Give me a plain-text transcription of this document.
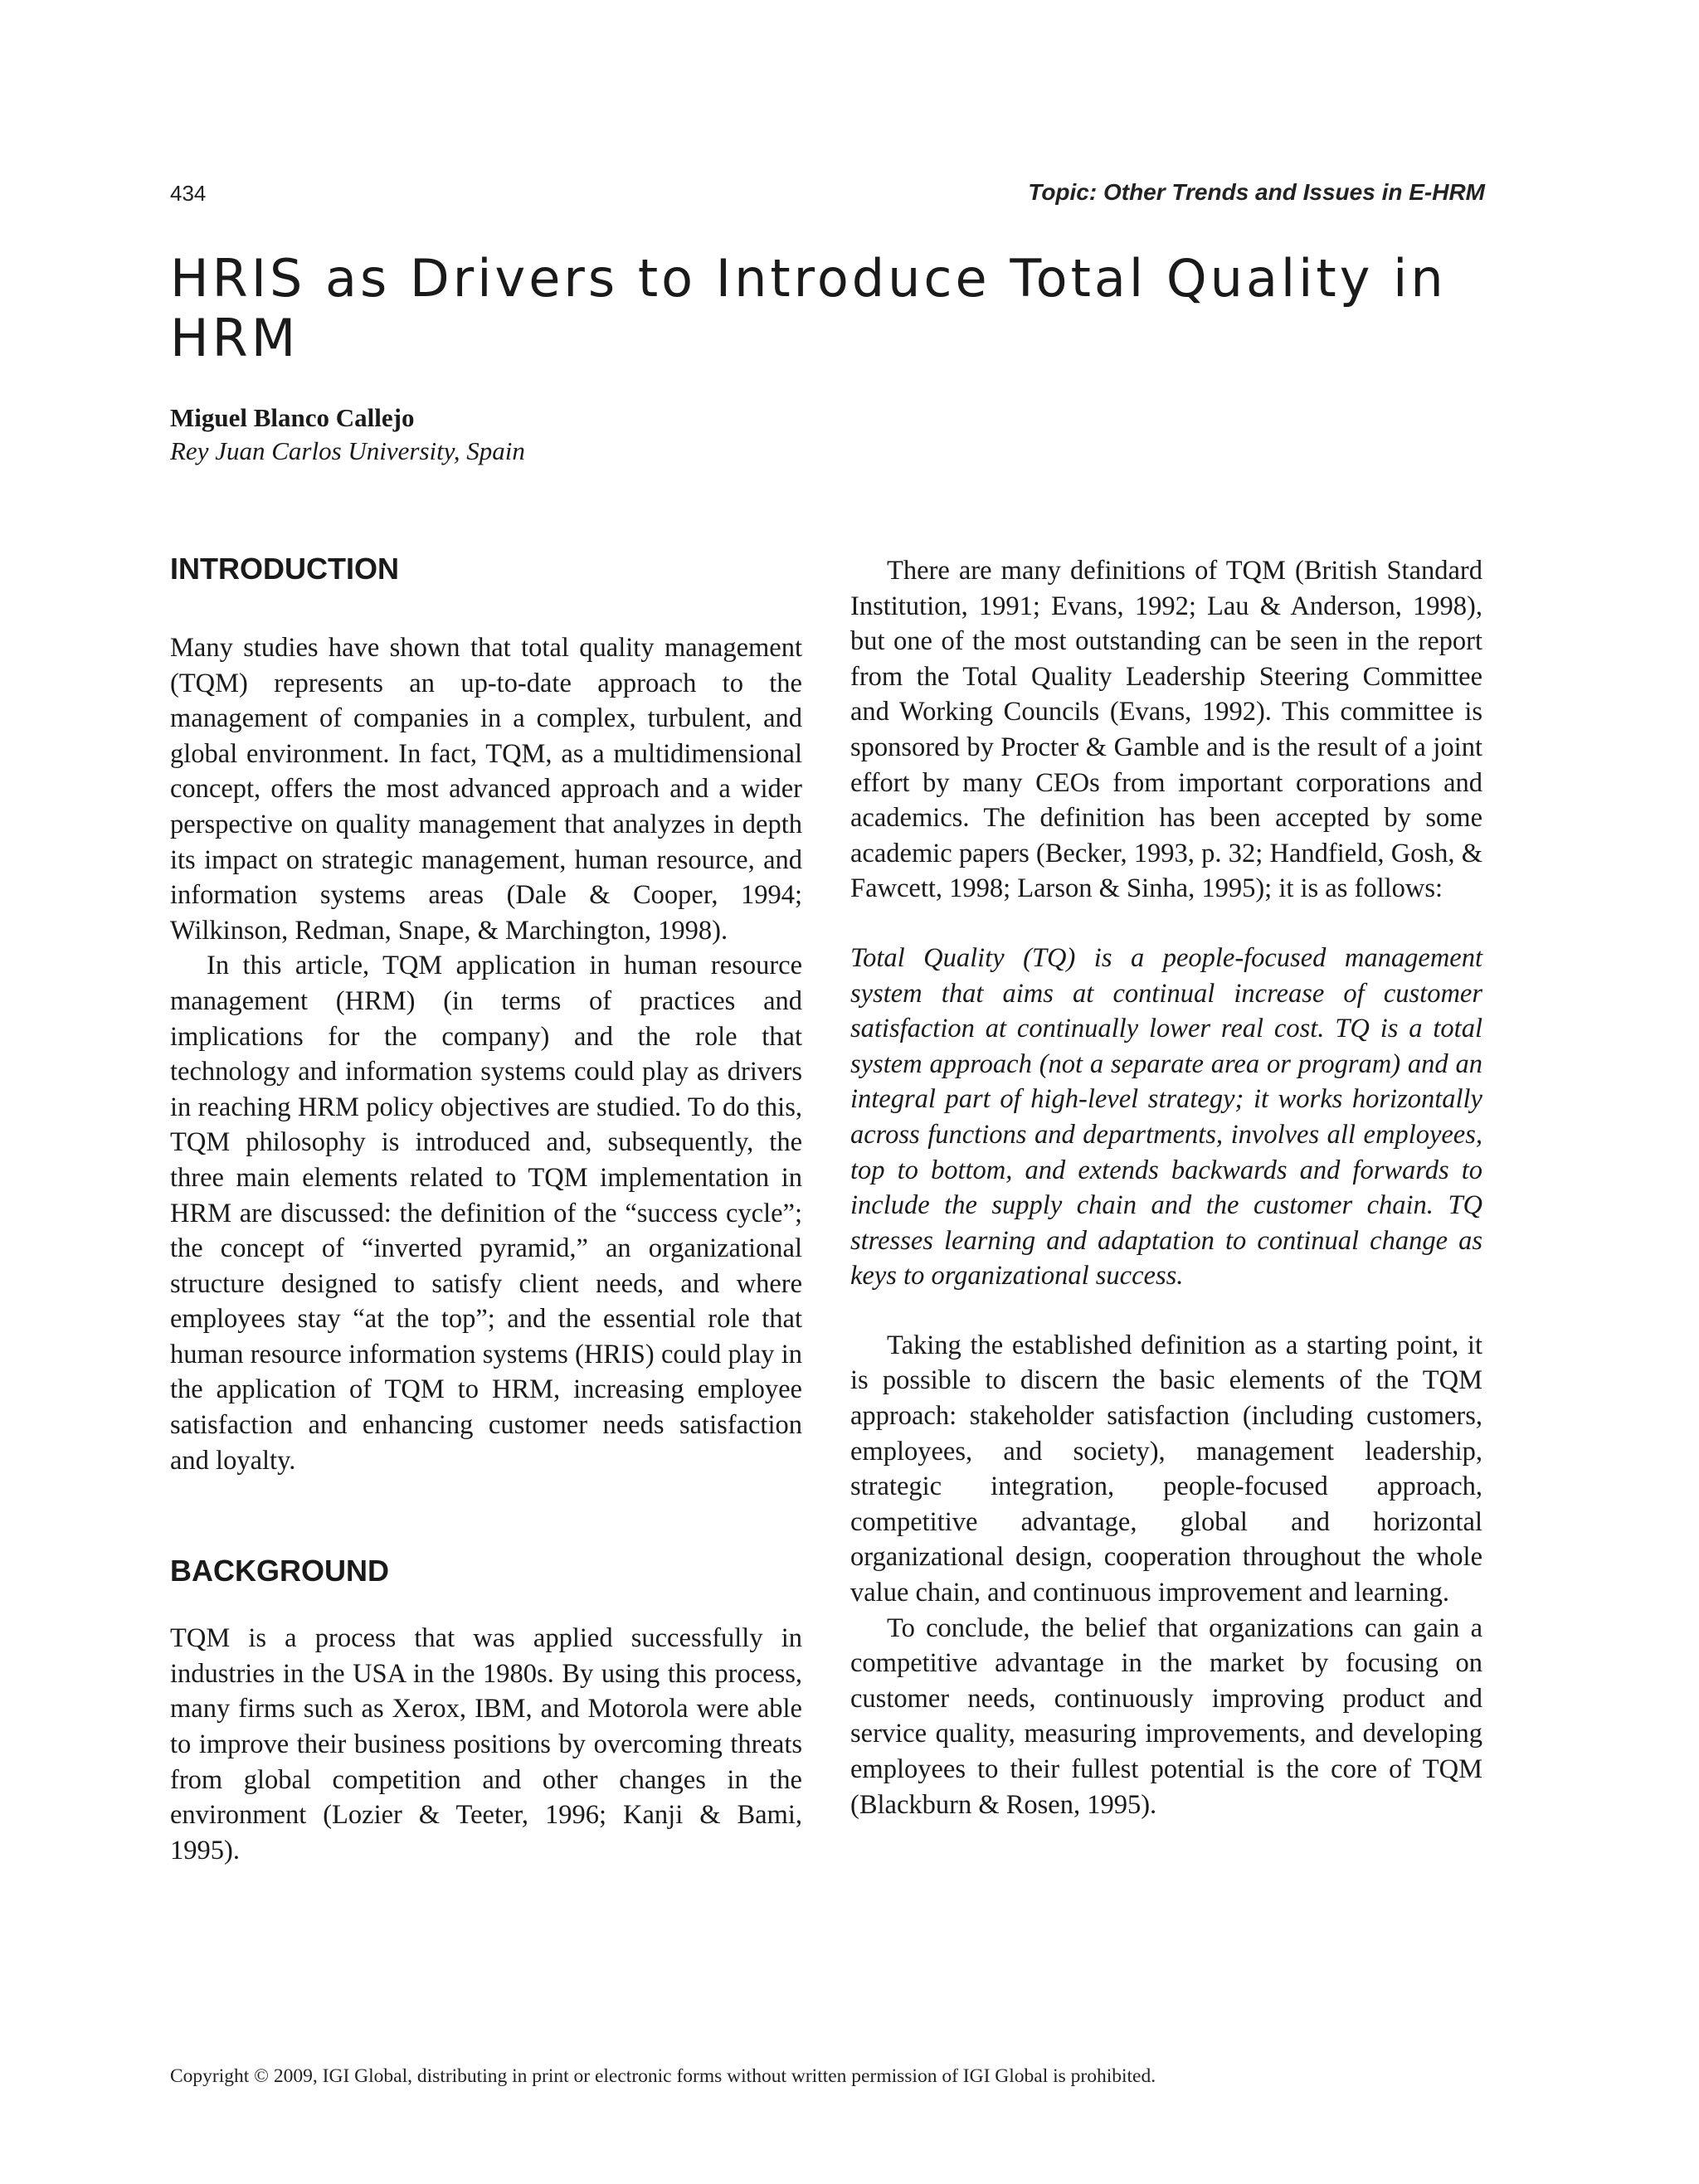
434	Topic: Other Trends and Issues in E-HRM
HRIS as Drivers to Introduce Total Quality in HRM
Miguel Blanco Callejo
Rey Juan Carlos University, Spain
INTRODUCTION

Many studies have shown that total quality management (TQM) represents an up-to-date approach to the management of companies in a complex, turbulent, and global environment. In fact, TQM, as a multidimensional concept, offers the most advanced approach and a wider perspective on quality management that analyzes in depth its impact on strategic management, human resource, and information systems areas (Dale & Cooper, 1994; Wilkinson, Redman, Snape, & Marchington, 1998).

In this article, TQM application in human resource management (HRM) (in terms of practices and implications for the company) and the role that technology and information systems could play as drivers in reaching HRM policy objectives are studied. To do this, TQM philosophy is introduced and, subsequently, the three main elements related to TQM implementation in HRM are discussed: the definition of the “success cycle”; the concept of “inverted pyramid,” an organizational structure designed to satisfy client needs, and where employees stay “at the top”; and the essential role that human resource information systems (HRIS) could play in the application of TQM to HRM, increasing employee satisfaction and enhancing customer needs satisfaction and loyalty.

BACKGROUND

TQM is a process that was applied successfully in industries in the USA in the 1980s. By using this process, many firms such as Xerox, IBM, and Motorola were able to improve their business positions by overcoming threats from global competition and other changes in the environment (Lozier & Teeter, 1996; Kanji & Bami, 1995).

There are many definitions of TQM (British Standard Institution, 1991; Evans, 1992; Lau & Anderson, 1998), but one of the most outstanding can be seen in the report from the Total Quality Leadership Steering Committee and Working Councils (Evans, 1992). This committee is sponsored by Procter & Gamble and is the result of a joint effort by many CEOs from important corporations and academics. The definition has been accepted by some academic papers (Becker, 1993, p. 32; Handfield, Gosh, & Fawcett, 1998; Larson & Sinha, 1995); it is as follows:

Total Quality (TQ) is a people-focused management system that aims at continual increase of customer satisfaction at continually lower real cost. TQ is a total system approach (not a separate area or program) and an integral part of high-level strategy; it works horizontally across functions and departments, involves all employees, top to bottom, and extends backwards and forwards to include the supply chain and the customer chain. TQ stresses learning and adaptation to continual change as keys to organizational success.

Taking the established definition as a starting point, it is possible to discern the basic elements of the TQM approach: stakeholder satisfaction (including customers, employees, and society), management leadership, strategic integration, people-focused approach, competitive advantage, global and horizontal organizational design, cooperation throughout the whole value chain, and continuous improvement and learning.

To conclude, the belief that organizations can gain a competitive advantage in the market by focusing on customer needs, continuously improving product and service quality, measuring improvements, and developing employees to their fullest potential is the core of TQM (Blackburn & Rosen, 1995).

Copyright © 2009, IGI Global, distributing in print or electronic forms without written permission of IGI Global is prohibited.
